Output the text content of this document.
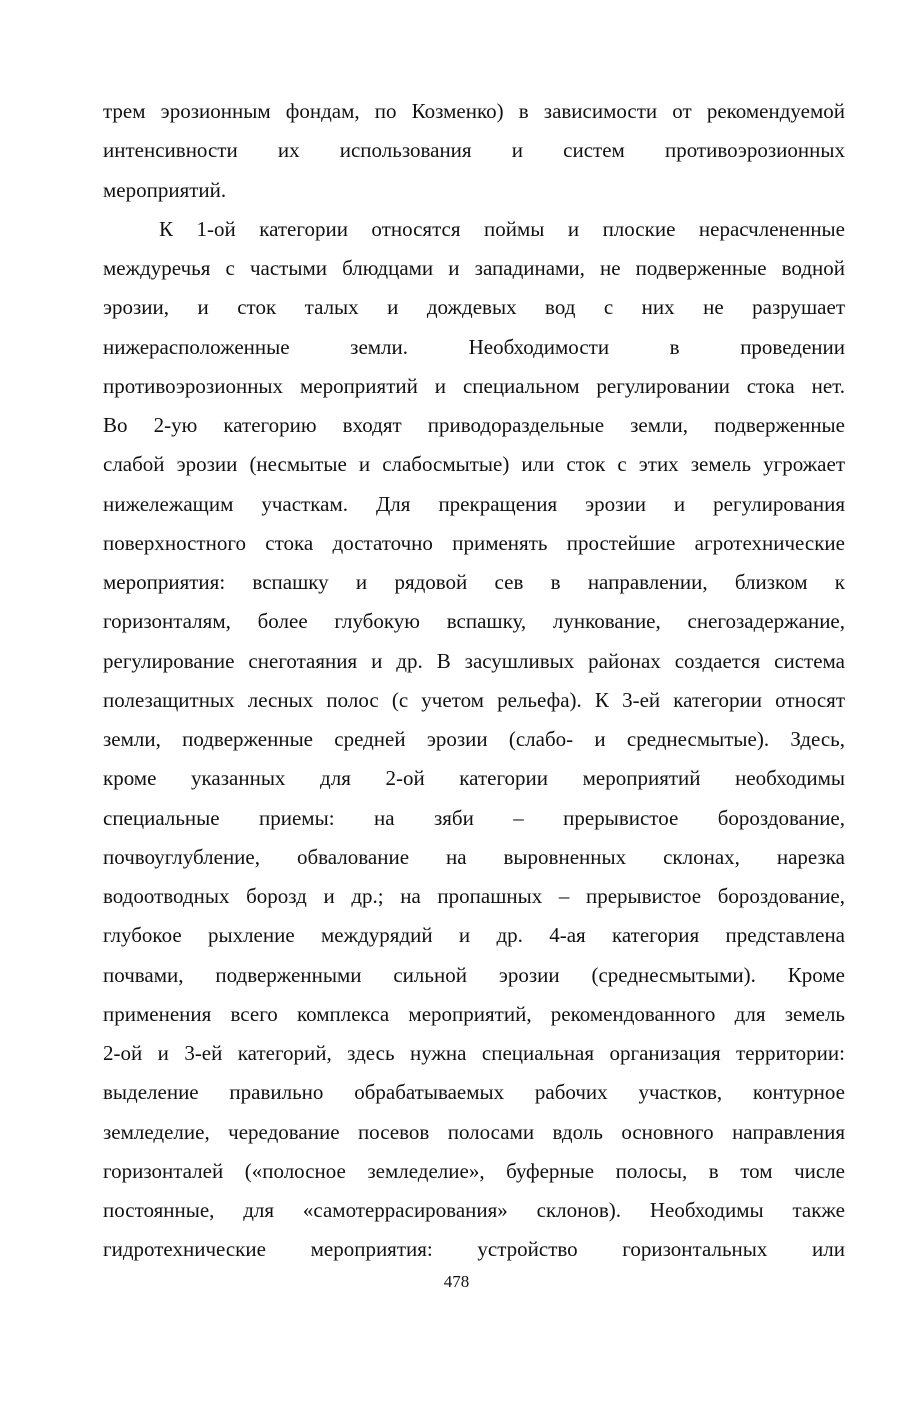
трем эрозионным фондам, по Козменко) в зависимости от рекомендуемой
интенсивности их использования и систем противоэрозионных
мероприятий.
К 1-ой категории относятся поймы и плоские нерасчлененные
междуречья с частыми блюдцами и западинами, не подверженные водной
эрозии, и сток талых и дождевых вод с них не разрушает
нижерасположенные земли. Необходимости в проведении
противоэрозионных мероприятий и специальном регулировании стока нет.
Во 2-ую категорию входят приводораздельные земли, подверженные
слабой эрозии (несмытые и слабосмытые) или сток с этих земель угрожает
нижележащим участкам. Для прекращения эрозии и регулирования
поверхностного стока достаточно применять простейшие агротехнические
мероприятия: вспашку и рядовой сев в направлении, близком к
горизонталям, более глубокую вспашку, лункование, снегозадержание,
регулирование снеготаяния и др. В засушливых районах создается система
полезащитных лесных полос (с учетом рельефа). К 3-ей категории относят
земли, подверженные средней эрозии (слабо- и среднесмытые). Здесь,
кроме указанных для 2-ой категории мероприятий необходимы
специальные приемы: на зяби – прерывистое бороздование,
почвоуглубление, обвалование на выровненных склонах, нарезка
водоотводных борозд и др.; на пропашных – прерывистое бороздование,
глубокое рыхление междурядий и др. 4-ая категория представлена
почвами, подверженными сильной эрозии (среднесмытыми). Кроме
применения всего комплекса мероприятий, рекомендованного для земель
2-ой и 3-ей категорий, здесь нужна специальная организация территории:
выделение правильно обрабатываемых рабочих участков, контурное
земледелие, чередование посевов полосами вдоль основного направления
горизонталей («полосное земледелие», буферные полосы, в том числе
постоянные, для «самотеррасирования» склонов). Необходимы также
гидротехнические мероприятия: устройство горизонтальных или
478
